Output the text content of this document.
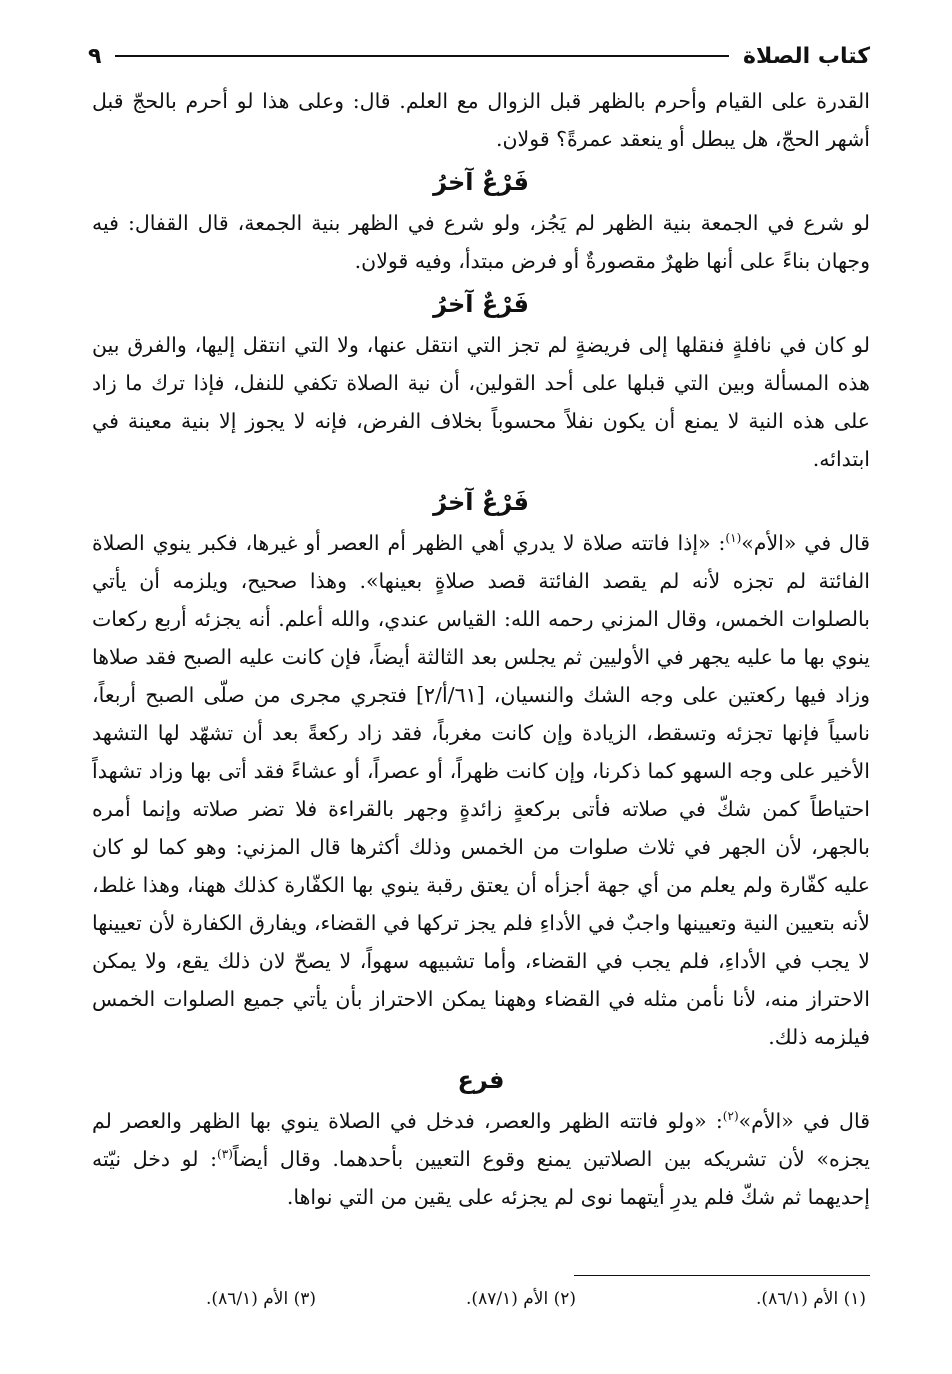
كتاب الصلاة
٩

القدرة على القيام وأحرم بالظهر قبل الزوال مع العلم. قال: وعلى هذا لو أحرم بالحجّ قبل أشهر الحجّ، هل يبطل أو ينعقد عمرةً؟ قولان.

فَرْعٌ آخرُ

لو شرع في الجمعة بنية الظهر لم يَجُز، ولو شرع في الظهر بنية الجمعة، قال القفال: فيه وجهان بناءً على أنها ظهرٌ مقصورةٌ أو فرض مبتدأ، وفيه قولان.

فَرْعٌ آخرُ

لو كان في نافلةٍ فنقلها إلى فريضةٍ لم تجز التي انتقل عنها، ولا التي انتقل إليها، والفرق بين هذه المسألة وبين التي قبلها على أحد القولين، أن نية الصلاة تكفي للنفل، فإذا ترك ما زاد على هذه النية لا يمنع أن يكون نفلاً محسوباً بخلاف الفرض، فإنه لا يجوز إلا بنية معينة في ابتدائه.

فَرْعٌ آخرُ

قال في «الأم»$^{(١)}$: «إذا فاتته صلاة لا يدري أهي الظهر أم العصر أو غيرها، فكبر ينوي الصلاة الفائتة لم تجزه لأنه لم يقصد الفائتة قصد صلاةٍ بعينها». وهذا صحيح، ويلزمه أن يأتي بالصلوات الخمس، وقال المزني رحمه الله: القياس عندي، والله أعلم. أنه يجزئه أربع ركعات ينوي بها ما عليه يجهر في الأوليين ثم يجلس بعد الثالثة أيضاً، فإن كانت عليه الصبح فقد صلاها وزاد فيها ركعتين على وجه الشك والنسيان، [٦١/أ/٢] فتجري مجرى من صلّى الصبح أربعاً، ناسياً فإنها تجزئه وتسقط، الزيادة وإن كانت مغرباً، فقد زاد ركعةً بعد أن تشهّد لها التشهد الأخير على وجه السهو كما ذكرنا، وإن كانت ظهراً، أو عصراً، أو عشاءً فقد أتى بها وزاد تشهداً احتياطاً كمن شكّ في صلاته فأتى بركعةٍ زائدةٍ وجهر بالقراءة فلا تضر صلاته وإنما أمره بالجهر، لأن الجهر في ثلاث صلوات من الخمس وذلك أكثرها قال المزني: وهو كما لو كان عليه كفّارة ولم يعلم من أي جهة أجزأه أن يعتق رقبة ينوي بها الكفّارة كذلك ههنا، وهذا غلط، لأنه بتعيين النية وتعيينها واجبٌ في الأداءِ فلم يجز تركها في القضاء، ويفارق الكفارة لأن تعيينها لا يجب في الأداءِ، فلم يجب في القضاء، وأما تشبيهه سهواً، لا يصحّ لان ذلك يقع، ولا يمكن الاحتراز منه، لأنا نأمن مثله في القضاء وههنا يمكن الاحتراز بأن يأتي جميع الصلوات الخمس فيلزمه ذلك.

فرع

قال في «الأم»$^{(٢)}$: «ولو فاتته الظهر والعصر، فدخل في الصلاة ينوي بها الظهر والعصر لم يجزه» لأن تشريكه بين الصلاتين يمنع وقوع التعيين بأحدهما. وقال أيضاً$^{(٣)}$: لو دخل نيّته إحديهما ثم شكّ فلم يدرِ أيتهما نوى لم يجزئه على يقين من التي نواها.

(١) الأم (٨٦/١).
(٢) الأم (٨٧/١).
(٣) الأم (٨٦/١).
